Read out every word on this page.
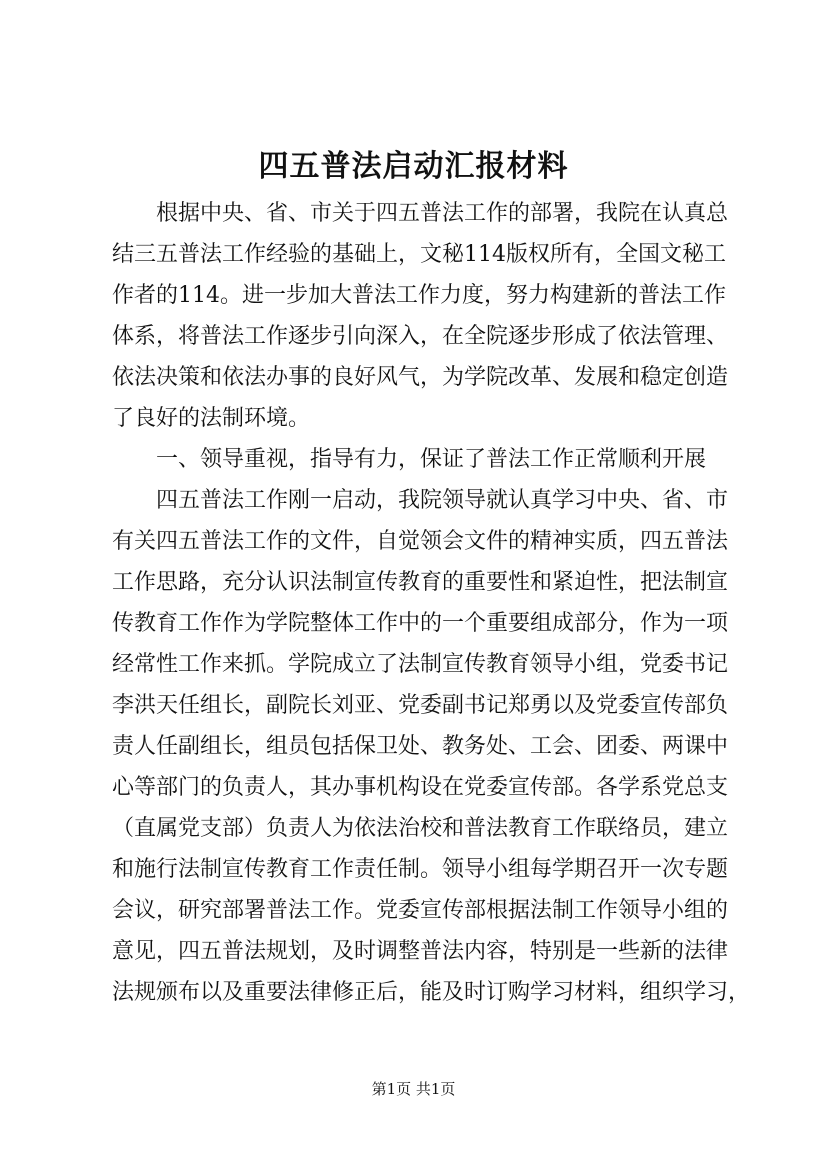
四五普法启动汇报材料
　　根据中央、省、市关于四五普法工作的部署，我院在认真总
结三五普法工作经验的基础上，文秘114版权所有，全国文秘工
作者的114。进一步加大普法工作力度，努力构建新的普法工作
体系，将普法工作逐步引向深入，在全院逐步形成了依法管理、
依法决策和依法办事的良好风气，为学院改革、发展和稳定创造
了良好的法制环境。
　　一、领导重视，指导有力，保证了普法工作正常顺利开展
　　四五普法工作刚一启动，我院领导就认真学习中央、省、市
有关四五普法工作的文件，自觉领会文件的精神实质，四五普法
工作思路，充分认识法制宣传教育的重要性和紧迫性，把法制宣
传教育工作作为学院整体工作中的一个重要组成部分，作为一项
经常性工作来抓。学院成立了法制宣传教育领导小组，党委书记
李洪天任组长，副院长刘亚、党委副书记郑勇以及党委宣传部负
责人任副组长，组员包括保卫处、教务处、工会、团委、两课中
心等部门的负责人，其办事机构设在党委宣传部。各学系党总支
（直属党支部）负责人为依法治校和普法教育工作联络员，建立
和施行法制宣传教育工作责任制。领导小组每学期召开一次专题
会议，研究部署普法工作。党委宣传部根据法制工作领导小组的
意见，四五普法规划，及时调整普法内容，特别是一些新的法律
法规颁布以及重要法律修正后，能及时订购学习材料，组织学习，
第1页 共1页
